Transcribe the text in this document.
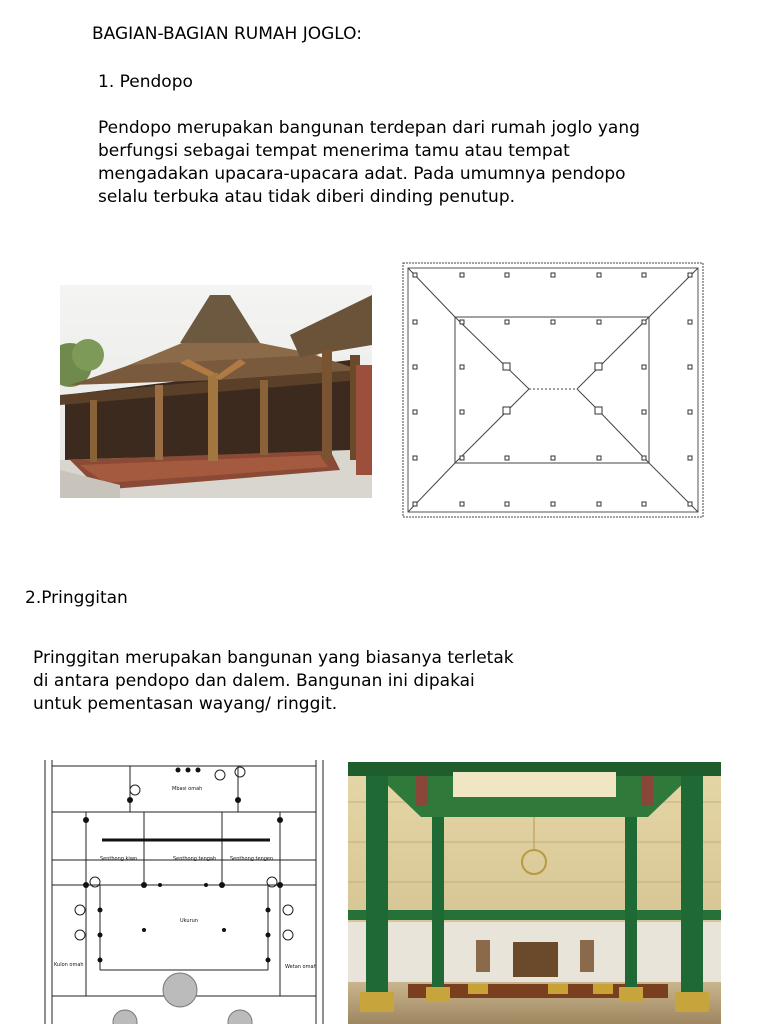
BAGIAN-BAGIAN RUMAH JOGLO:
1. Pendopo
Pendopo merupakan bangunan terdepan dari rumah joglo yang
berfungsi sebagai tempat menerima tamu atau tempat
mengadakan upacara-upacara adat. Pada umumnya pendopo
selalu terbuka atau tidak diberi dinding penutup.
2.Pringgitan
Pringgitan merupakan bangunan yang biasanya terletak
di antara pendopo dan dalem. Bangunan ini dipakai
untuk pementasan wayang/ ringgit.
Mbasi omah
Senthong kiwo	Senthong tengah	Senthong tengen
Ukurun
Kulon omah	Wetan omah
